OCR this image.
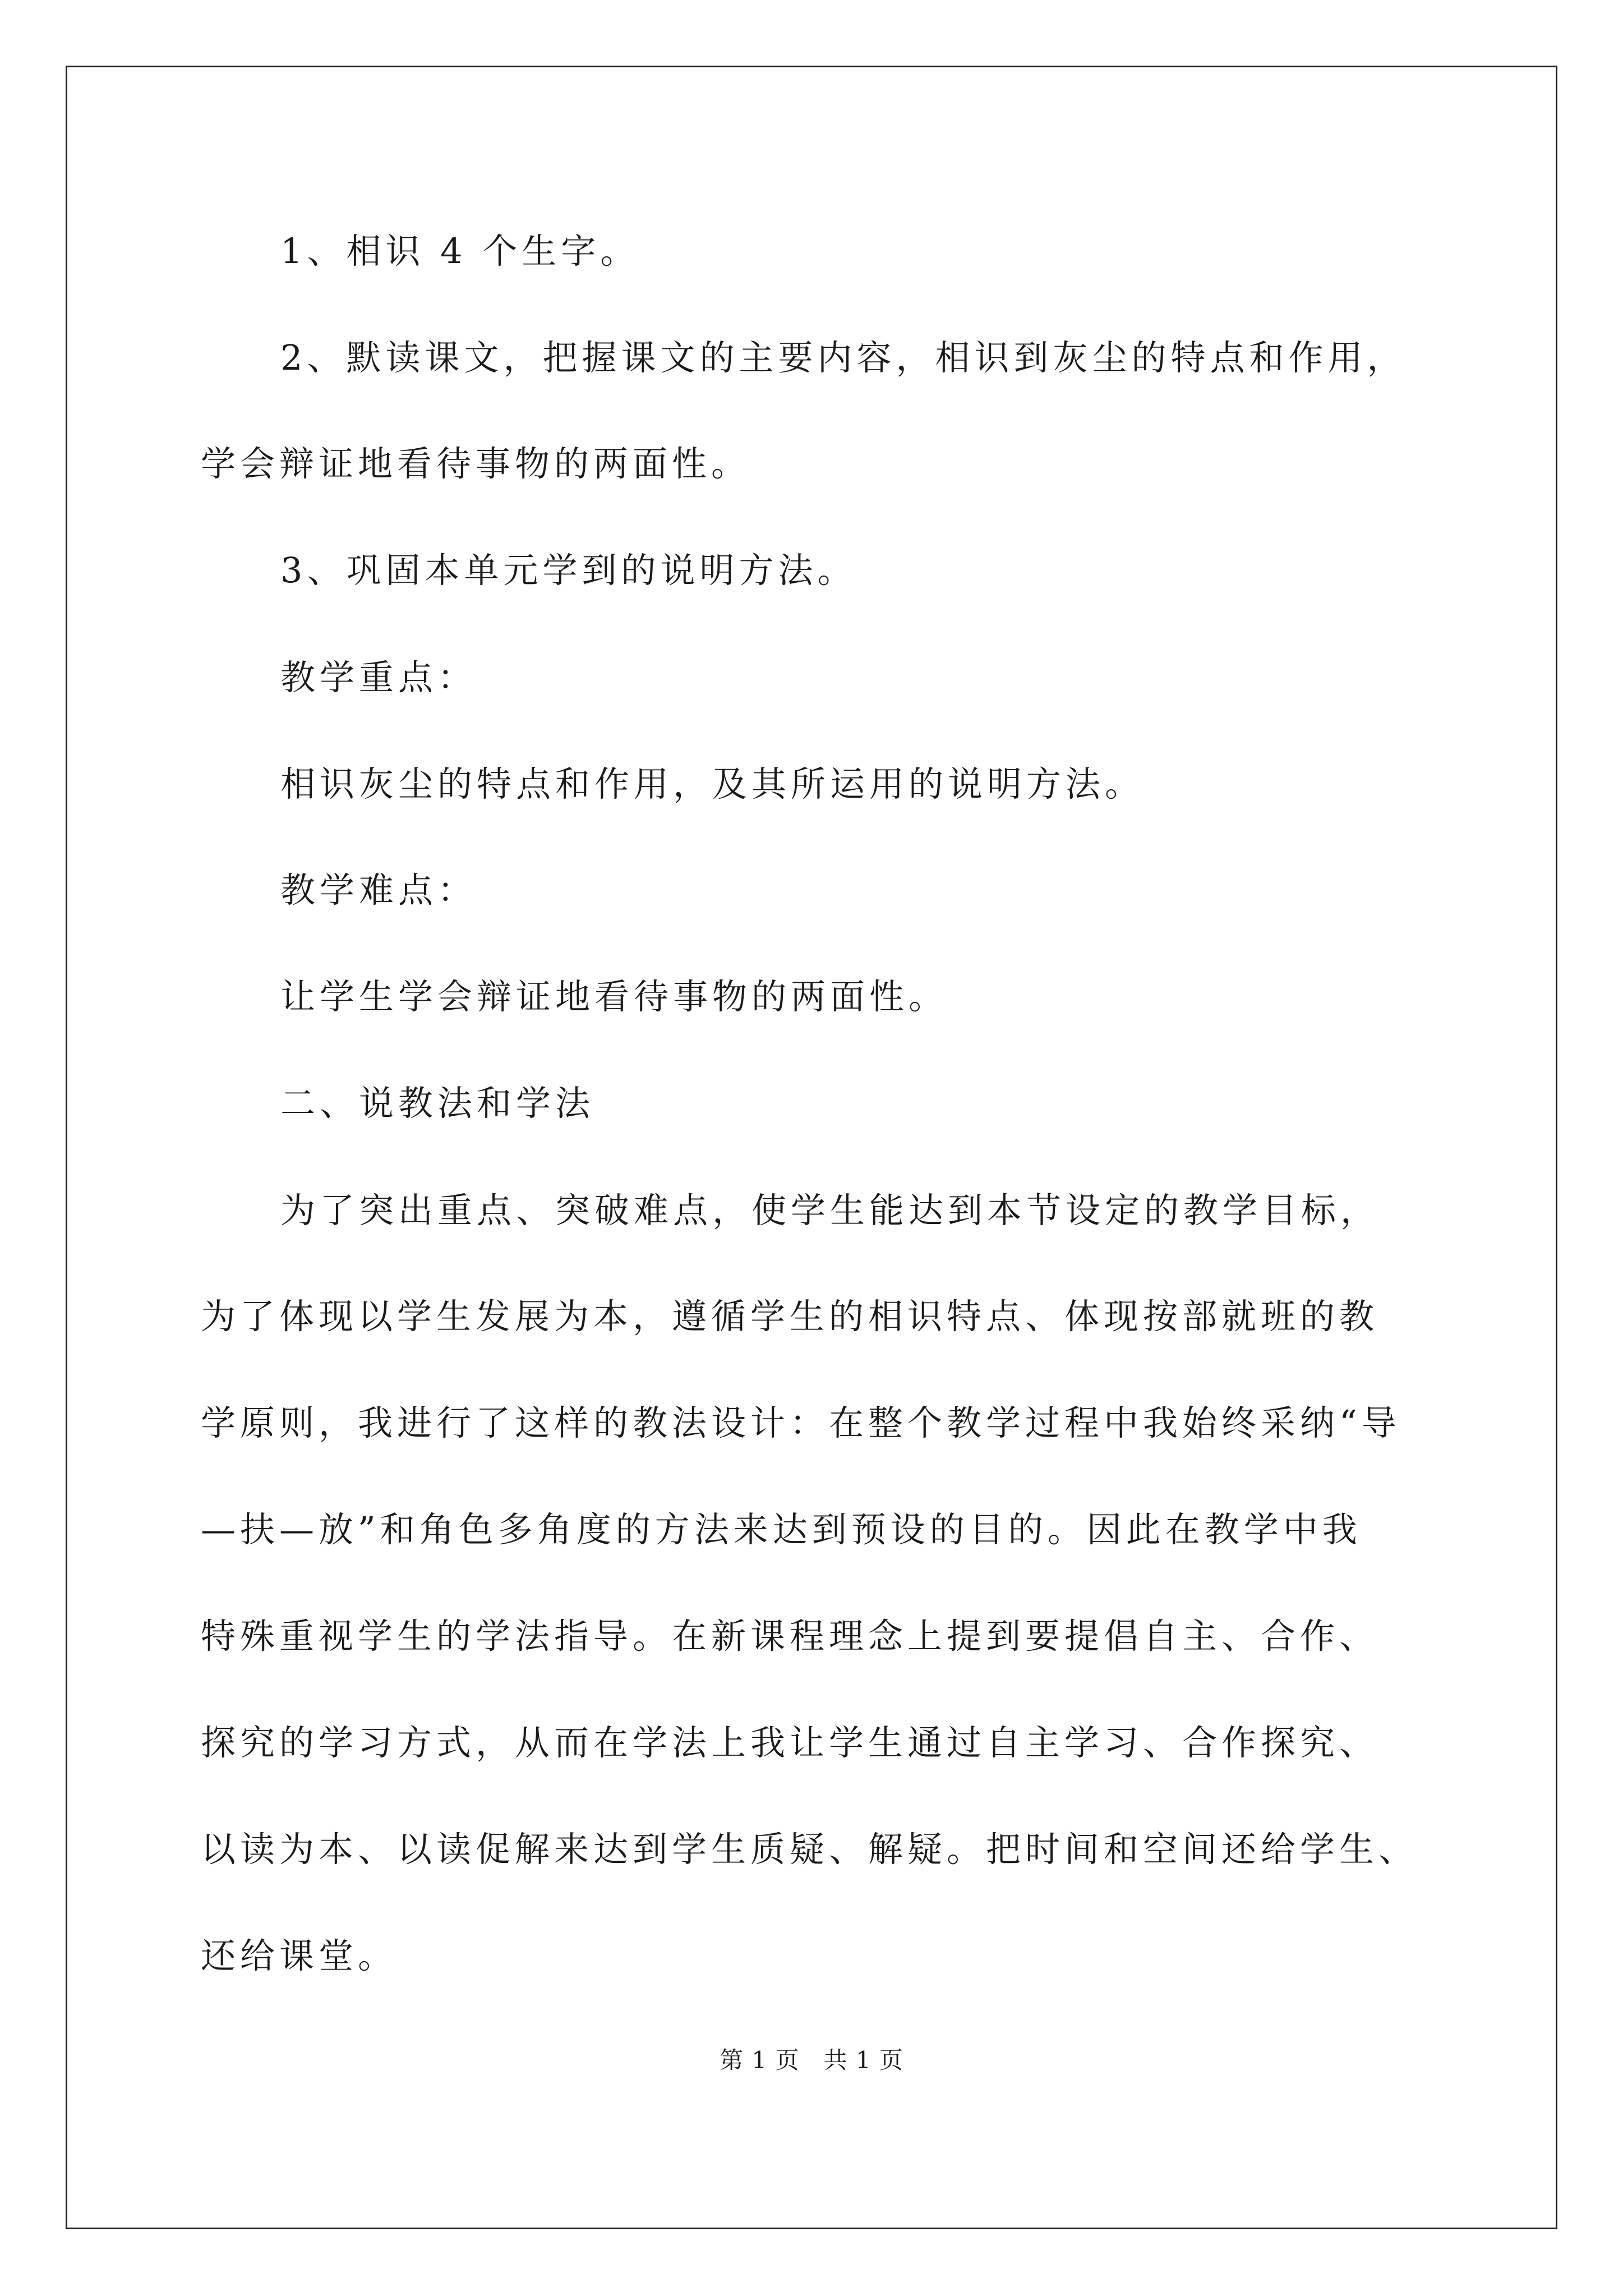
1、相识 4 个生字。
2、默读课文，把握课文的主要内容，相识到灰尘的特点和作用，
学会辩证地看待事物的两面性。
3、巩固本单元学到的说明方法。
教学重点：
相识灰尘的特点和作用，及其所运用的说明方法。
教学难点：
让学生学会辩证地看待事物的两面性。
二、说教法和学法
为了突出重点、突破难点，使学生能达到本节设定的教学目标，
为了体现以学生发展为本，遵循学生的相识特点、体现按部就班的教
学原则，我进行了这样的教法设计：在整个教学过程中我始终采纳“导
—扶—放”和角色多角度的方法来达到预设的目的。因此在教学中我
特殊重视学生的学法指导。在新课程理念上提到要提倡自主、合作、
探究的学习方式，从而在学法上我让学生通过自主学习、合作探究、
以读为本、以读促解来达到学生质疑、解疑。把时间和空间还给学生、
还给课堂。
第 1 页　共 1 页
